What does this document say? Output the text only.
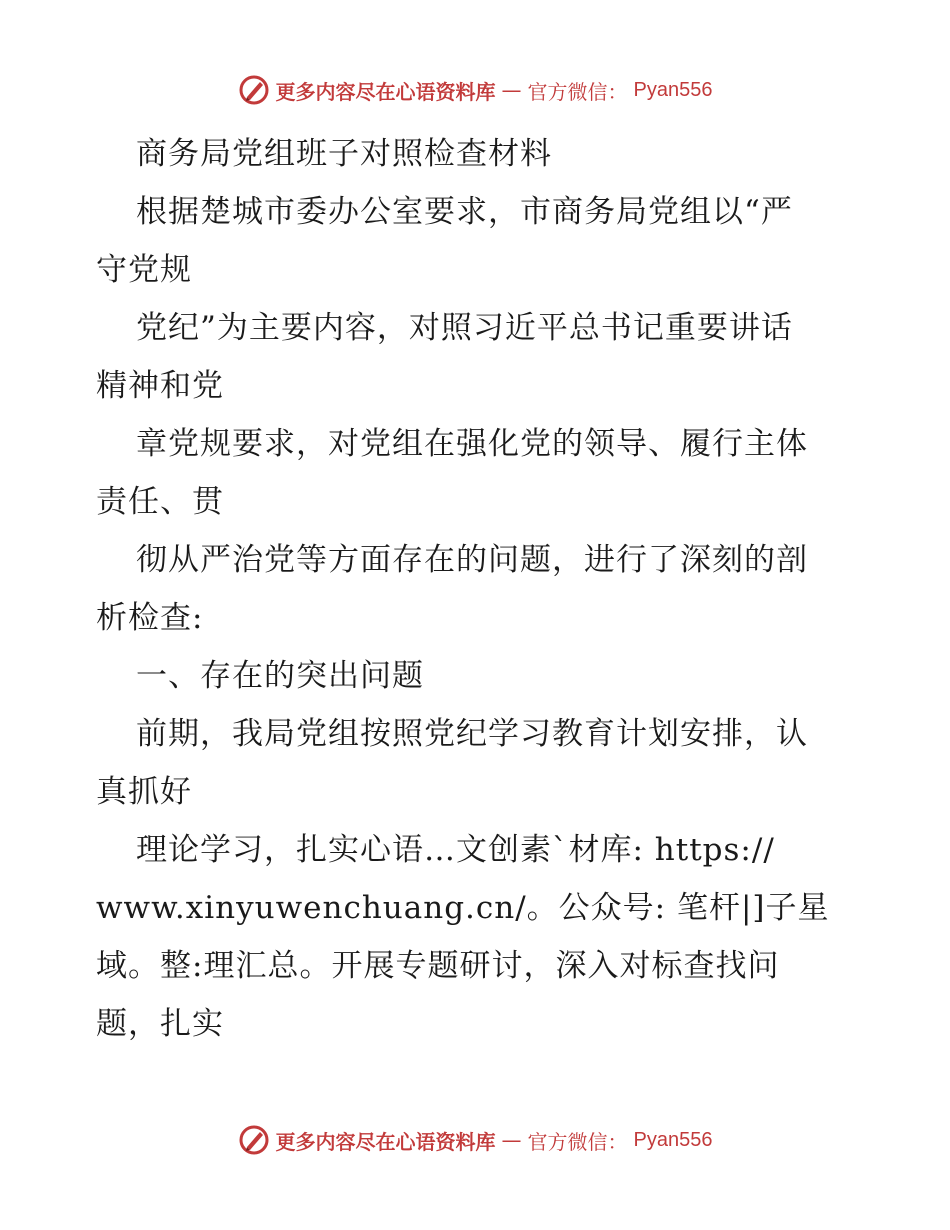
更多内容尽在心语资料库 — 官方微信： Pyan556
商务局党组班子对照检查材料
根据楚城市委办公室要求，市商务局党组以“严
守党规
党纪”为主要内容，对照习近平总书记重要讲话
精神和党
章党规要求，对党组在强化党的领导、履行主体
责任、贯
彻从严治党等方面存在的问题，进行了深刻的剖
析检查:
一、存在的突出问题
前期，我局党组按照党纪学习教育计划安排，认
真抓好
理论学习，扎实心语…文创素`材库: https://
www.xinyuwenchuang.cn/。公众号: 笔杆|]子星
域。整:理汇总。开展专题研讨，深入对标查找问
题，扎实
更多内容尽在心语资料库 — 官方微信： Pyan556
